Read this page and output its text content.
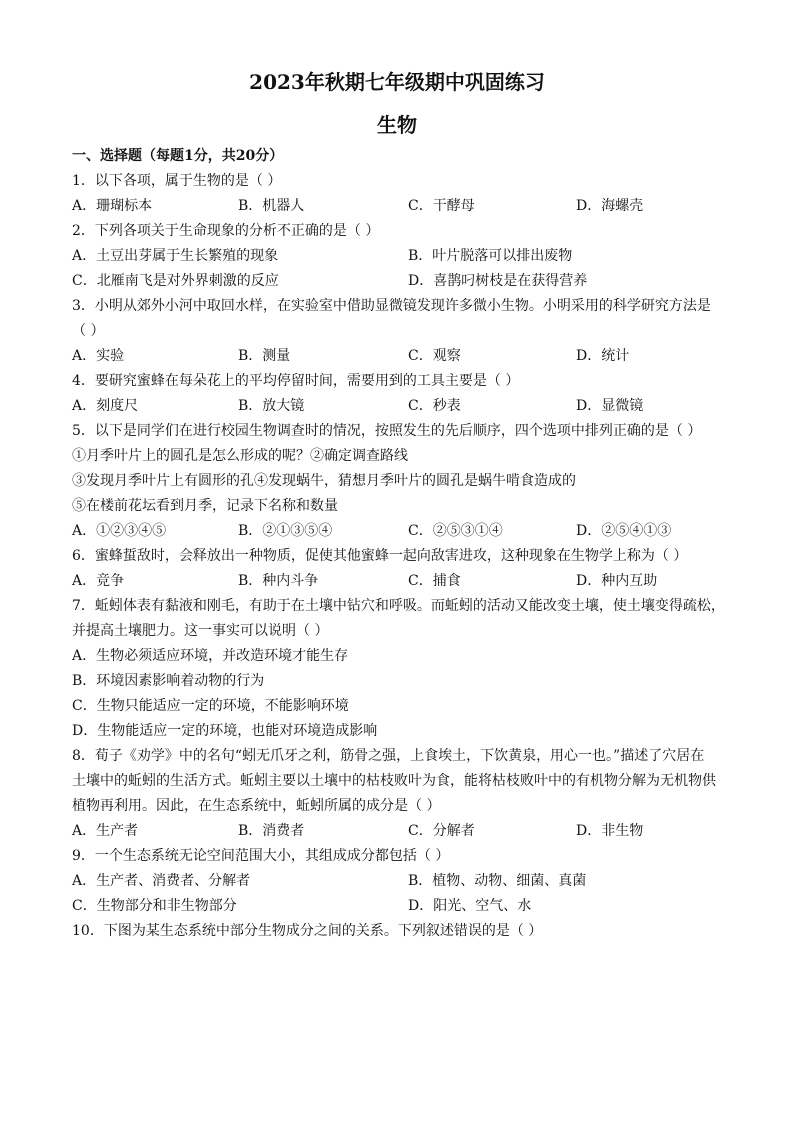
2023年秋期七年级期中巩固练习
生物
一、选择题（每题1分，共20分）
1．以下各项，属于生物的是（ ）
A．珊瑚标本	B．机器人	C．干酵母	D．海螺壳
2．下列各项关于生命现象的分析不正确的是（ ）
A．土豆出芽属于生长繁殖的现象	B．叶片脱落可以排出废物
C．北雁南飞是对外界刺激的反应	D．喜鹊叼树枝是在获得营养
3．小明从郊外小河中取回水样，在实验室中借助显微镜发现许多微小生物。小明采用的科学研究方法是
（ ）
A．实验	B．测量	C．观察	D．统计
4．要研究蜜蜂在每朵花上的平均停留时间，需要用到的工具主要是（ ）
A．刻度尺	B．放大镜	C．秒表	D．显微镜
5．以下是同学们在进行校园生物调查时的情况，按照发生的先后顺序，四个选项中排列正确的是（ ）
①月季叶片上的圆孔是怎么形成的呢？②确定调查路线
③发现月季叶片上有圆形的孔④发现蜗牛，猜想月季叶片的圆孔是蜗牛啃食造成的
⑤在楼前花坛看到月季，记录下名称和数量
A．①②③④⑤	B．②①③⑤④	C．②⑤③①④	D．②⑤④①③
6．蜜蜂蜇敌时，会释放出一种物质，促使其他蜜蜂一起向敌害进攻，这种现象在生物学上称为（ ）
A．竞争	B．种内斗争	C．捕食	D．种内互助
7．蚯蚓体表有黏液和刚毛，有助于在土壤中钻穴和呼吸。而蚯蚓的活动又能改变土壤，使土壤变得疏松，
并提高土壤肥力。这一事实可以说明（ ）
A．生物必须适应环境，并改造环境才能生存
B．环境因素影响着动物的行为
C．生物只能适应一定的环境，不能影响环境
D．生物能适应一定的环境，也能对环境造成影响
8．荀子《劝学》中的名句“蚓无爪牙之利，筋骨之强，上食埃土，下饮黄泉，用心一也。”描述了穴居在
土壤中的蚯蚓的生活方式。蚯蚓主要以土壤中的枯枝败叶为食，能将枯枝败叶中的有机物分解为无机物供
植物再利用。因此，在生态系统中，蚯蚓所属的成分是（ ）
A．生产者	B．消费者	C．分解者	D．非生物
9．一个生态系统无论空间范围大小，其组成成分都包括（ ）
A．生产者、消费者、分解者	B．植物、动物、细菌、真菌
C．生物部分和非生物部分	D．阳光、空气、水
10．下图为某生态系统中部分生物成分之间的关系。下列叙述错误的是（ ）
